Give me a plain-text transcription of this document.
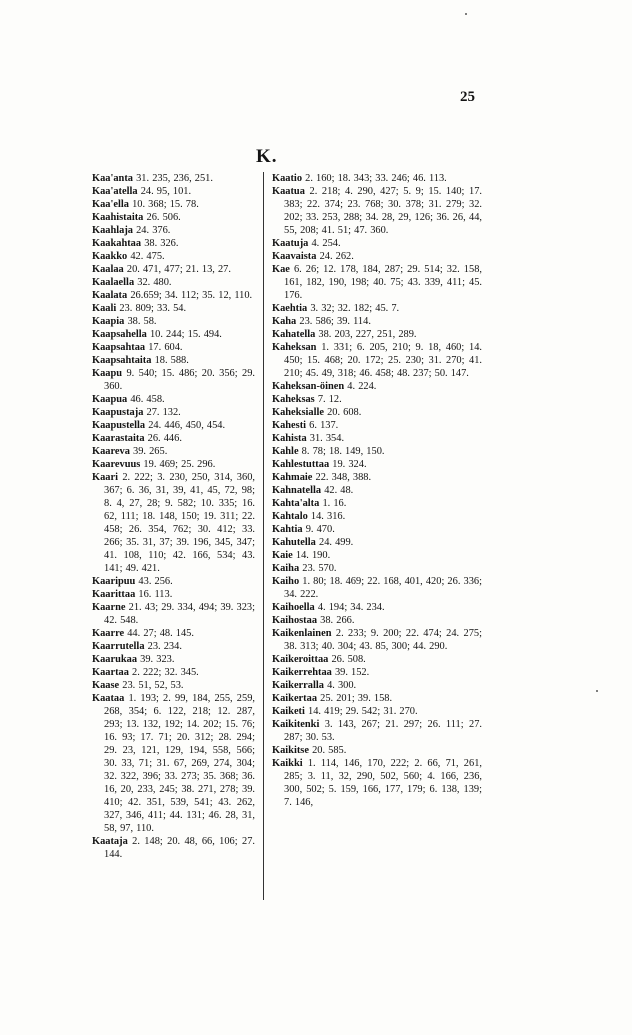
25
K.
Kaa'anta 31. 235, 236, 251.
Kaa'atella 24. 95, 101.
Kaa'ella 10. 368; 15. 78.
Kaahistaita 26. 506.
Kaahlaja 24. 376.
Kaakahtaa 38. 326.
Kaakko 42. 475.
Kaalaa 20. 471, 477; 21. 13, 27.
Kaalaella 32. 480.
Kaalata 26.659; 34. 112; 35. 12, 110.
Kaali 23. 809; 33. 54.
Kaapia 38. 58.
Kaapsahella 10. 244; 15. 494.
Kaapsahtaa 17. 604.
Kaapsahtaita 18. 588.
Kaapu 9. 540; 15. 486; 20. 356; 29. 360.
Kaapua 46. 458.
Kaapustaja 27. 132.
Kaapustella 24. 446, 450, 454.
Kaarastaita 26. 446.
Kaareva 39. 265.
Kaarevuus 19. 469; 25. 296.
Kaari 2. 222; 3. 230, 250, 314, 360, 367; 6. 36, 31, 39, 41, 45, 72, 98; 8. 4, 27, 28; 9. 582; 10. 335; 16. 62, 111; 18. 148, 150; 19. 311; 22. 458; 26. 354, 762; 30. 412; 33. 266; 35. 31, 37; 39. 196, 345, 347; 41. 108, 110; 42. 166, 534; 43. 141; 49. 421.
Kaaripuu 43. 256.
Kaarittaa 16. 113.
Kaarne 21. 43; 29. 334, 494; 39. 323; 42. 548.
Kaarre 44. 27; 48. 145.
Kaarrutella 23. 234.
Kaarukaa 39. 323.
Kaartaa 2. 222; 32. 345.
Kaase 23. 51, 52, 53.
Kaataa 1. 193; 2. 99, 184, 255, 259, 268, 354; 6. 122, 218; 12. 287, 293; 13. 132, 192; 14. 202; 15. 76; 16. 93; 17. 71; 20. 312; 28. 294; 29. 23, 121, 129, 194, 558, 566; 30. 33, 71; 31. 67, 269, 274, 304; 32. 322, 396; 33. 273; 35. 368; 36. 16, 20, 233, 245; 38. 271, 278; 39. 410; 42. 351, 539, 541; 43. 262, 327, 346, 411; 44. 131; 46. 28, 31, 58, 97, 110.
Kaataja 2. 148; 20. 48, 66, 106; 27. 144.
Kaatio 2. 160; 18. 343; 33. 246; 46. 113.
Kaatua 2. 218; 4. 290, 427; 5. 9; 15. 140; 17. 383; 22. 374; 23. 768; 30. 378; 31. 279; 32. 202; 33. 253, 288; 34. 28, 29, 126; 36. 26, 44, 55, 208; 41. 51; 47. 360.
Kaatuja 4. 254.
Kaavaista 24. 262.
Kae 6. 26; 12. 178, 184, 287; 29. 514; 32. 158, 161, 182, 190, 198; 40. 75; 43. 339, 411; 45. 176.
Kaehtia 3. 32; 32. 182; 45. 7.
Kaha 23. 586; 39. 114.
Kahatella 38. 203, 227, 251, 289.
Kaheksan 1. 331; 6. 205, 210; 9. 18, 460; 14. 450; 15. 468; 20. 172; 25. 230; 31. 270; 41. 210; 45. 49, 318; 46. 458; 48. 237; 50. 147.
Kaheksan-öinen 4. 224.
Kaheksas 7. 12.
Kaheksialle 20. 608.
Kahesti 6. 137.
Kahista 31. 354.
Kahle 8. 78; 18. 149, 150.
Kahlestuttaa 19. 324.
Kahmaie 22. 348, 388.
Kahnatella 42. 48.
Kahta'alta 1. 16.
Kahtalo 14. 316.
Kahtia 9. 470.
Kahutella 24. 499.
Kaie 14. 190.
Kaiha 23. 570.
Kaiho 1. 80; 18. 469; 22. 168, 401, 420; 26. 336; 34. 222.
Kaihoella 4. 194; 34. 234.
Kaihostaa 38. 266.
Kaikenlainen 2. 233; 9. 200; 22. 474; 24. 275; 38. 313; 40. 304; 43. 85, 300; 44. 290.
Kaikeroittaa 26. 508.
Kaikerrehtaa 39. 152.
Kaikerralla 4. 300.
Kaikertaa 25. 201; 39. 158.
Kaiketi 14. 419; 29. 542; 31. 270.
Kaikitenki 3. 143, 267; 21. 297; 26. 111; 27. 287; 30. 53.
Kaikitse 20. 585.
Kaikki 1. 114, 146, 170, 222; 2. 66, 71, 261, 285; 3. 11, 32, 290, 502, 560; 4. 166, 236, 300, 502; 5. 159, 166, 177, 179; 6. 138, 139; 7. 146,
